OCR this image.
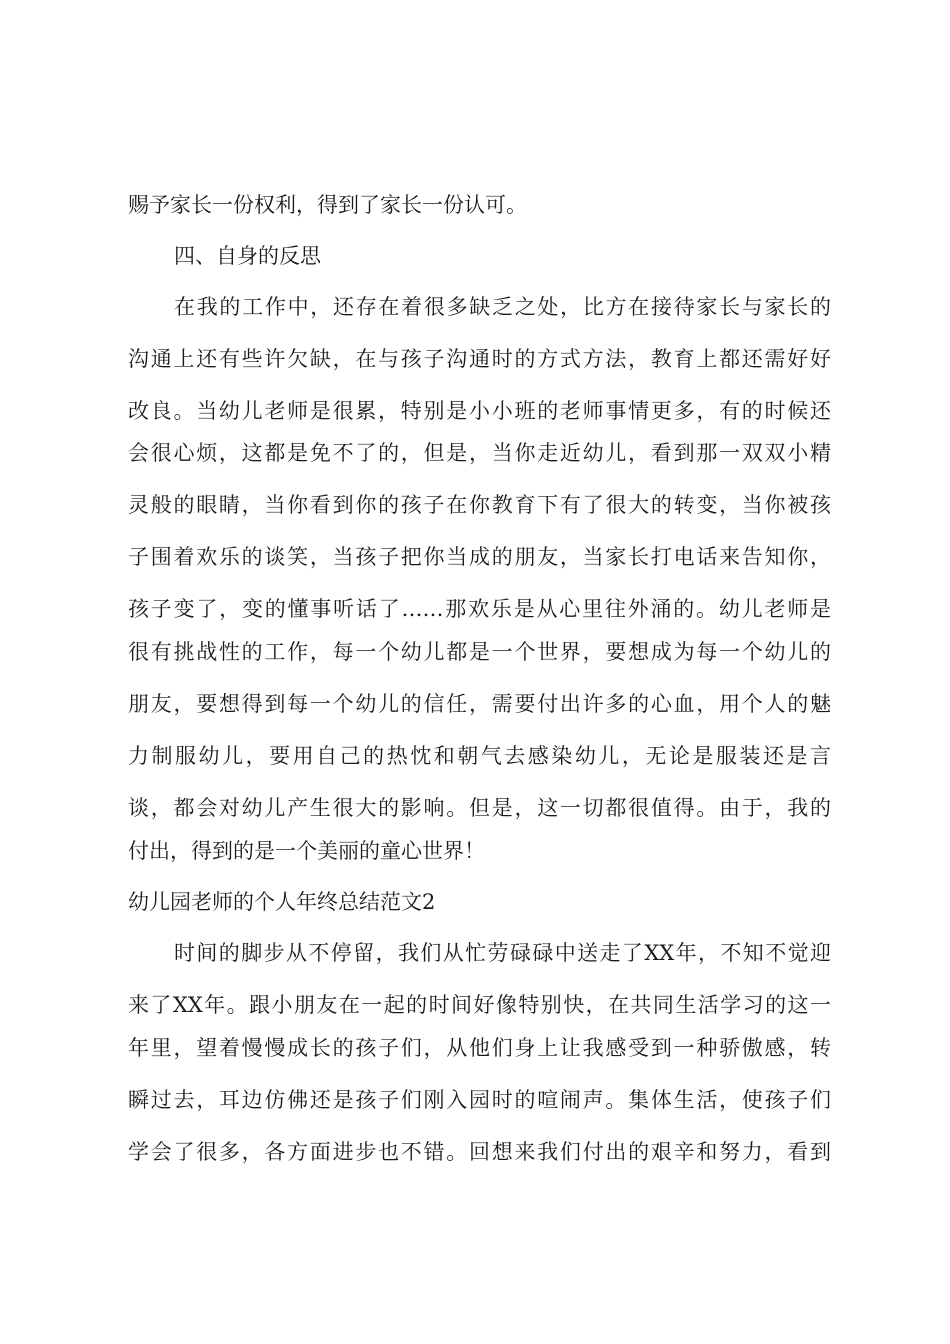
赐予家长一份权利，得到了家长一份认可。
四、自身的反思
在我的工作中，还存在着很多缺乏之处，比方在接待家长与家长的
沟通上还有些许欠缺，在与孩子沟通时的方式方法，教育上都还需好好
改良。当幼儿老师是很累，特别是小小班的老师事情更多，有的时候还
会很心烦，这都是免不了的，但是，当你走近幼儿，看到那一双双小精
灵般的眼睛，当你看到你的孩子在你教育下有了很大的转变，当你被孩
子围着欢乐的谈笑，当孩子把你当成的朋友，当家长打电话来告知你，
孩子变了，变的懂事听话了……那欢乐是从心里往外涌的。幼儿老师是
很有挑战性的工作，每一个幼儿都是一个世界，要想成为每一个幼儿的
朋友，要想得到每一个幼儿的信任，需要付出许多的心血，用个人的魅
力制服幼儿，要用自己的热忱和朝气去感染幼儿，无论是服装还是言
谈，都会对幼儿产生很大的影响。但是，这一切都很值得。由于，我的
付出，得到的是一个美丽的童心世界！
幼儿园老师的个人年终总结范文2
时间的脚步从不停留，我们从忙劳碌碌中送走了XX年，不知不觉迎
来了XX年。跟小朋友在一起的时间好像特别快，在共同生活学习的这一
年里，望着慢慢成长的孩子们，从他们身上让我感受到一种骄傲感，转
瞬过去，耳边仿佛还是孩子们刚入园时的喧闹声。集体生活，使孩子们
学会了很多，各方面进步也不错。回想来我们付出的艰辛和努力，看到
